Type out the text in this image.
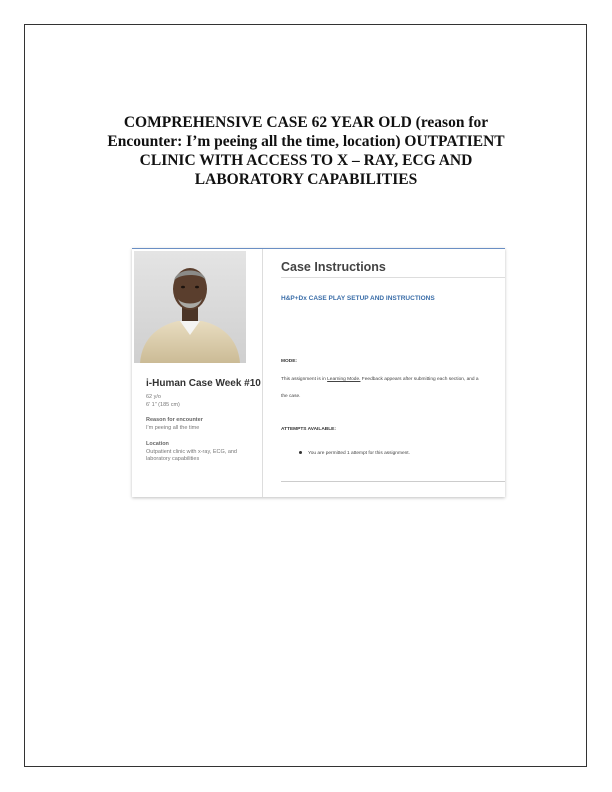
COMPREHENSIVE CASE 62 YEAR OLD (reason for Encounter: I’m peeing all the time, location) OUTPATIENT CLINIC WITH ACCESS TO X – RAY, ECG AND LABORATORY CAPABILITIES
i-Human Case Week #10
62 y/o
6' 1" (185 cm)
Reason for encounter
I'm peeing all the time
Location
Outpatient clinic with x-ray, ECG, and
laboratory capabilities
Case Instructions
H&P+Dx CASE PLAY SETUP AND INSTRUCTIONS
MODE:
This assignment is in Learning Mode. Feedback appears after submitting each section, and a
the case.
ATTEMPTS AVAILABLE:
You are permitted 1 attempt for this assignment.
